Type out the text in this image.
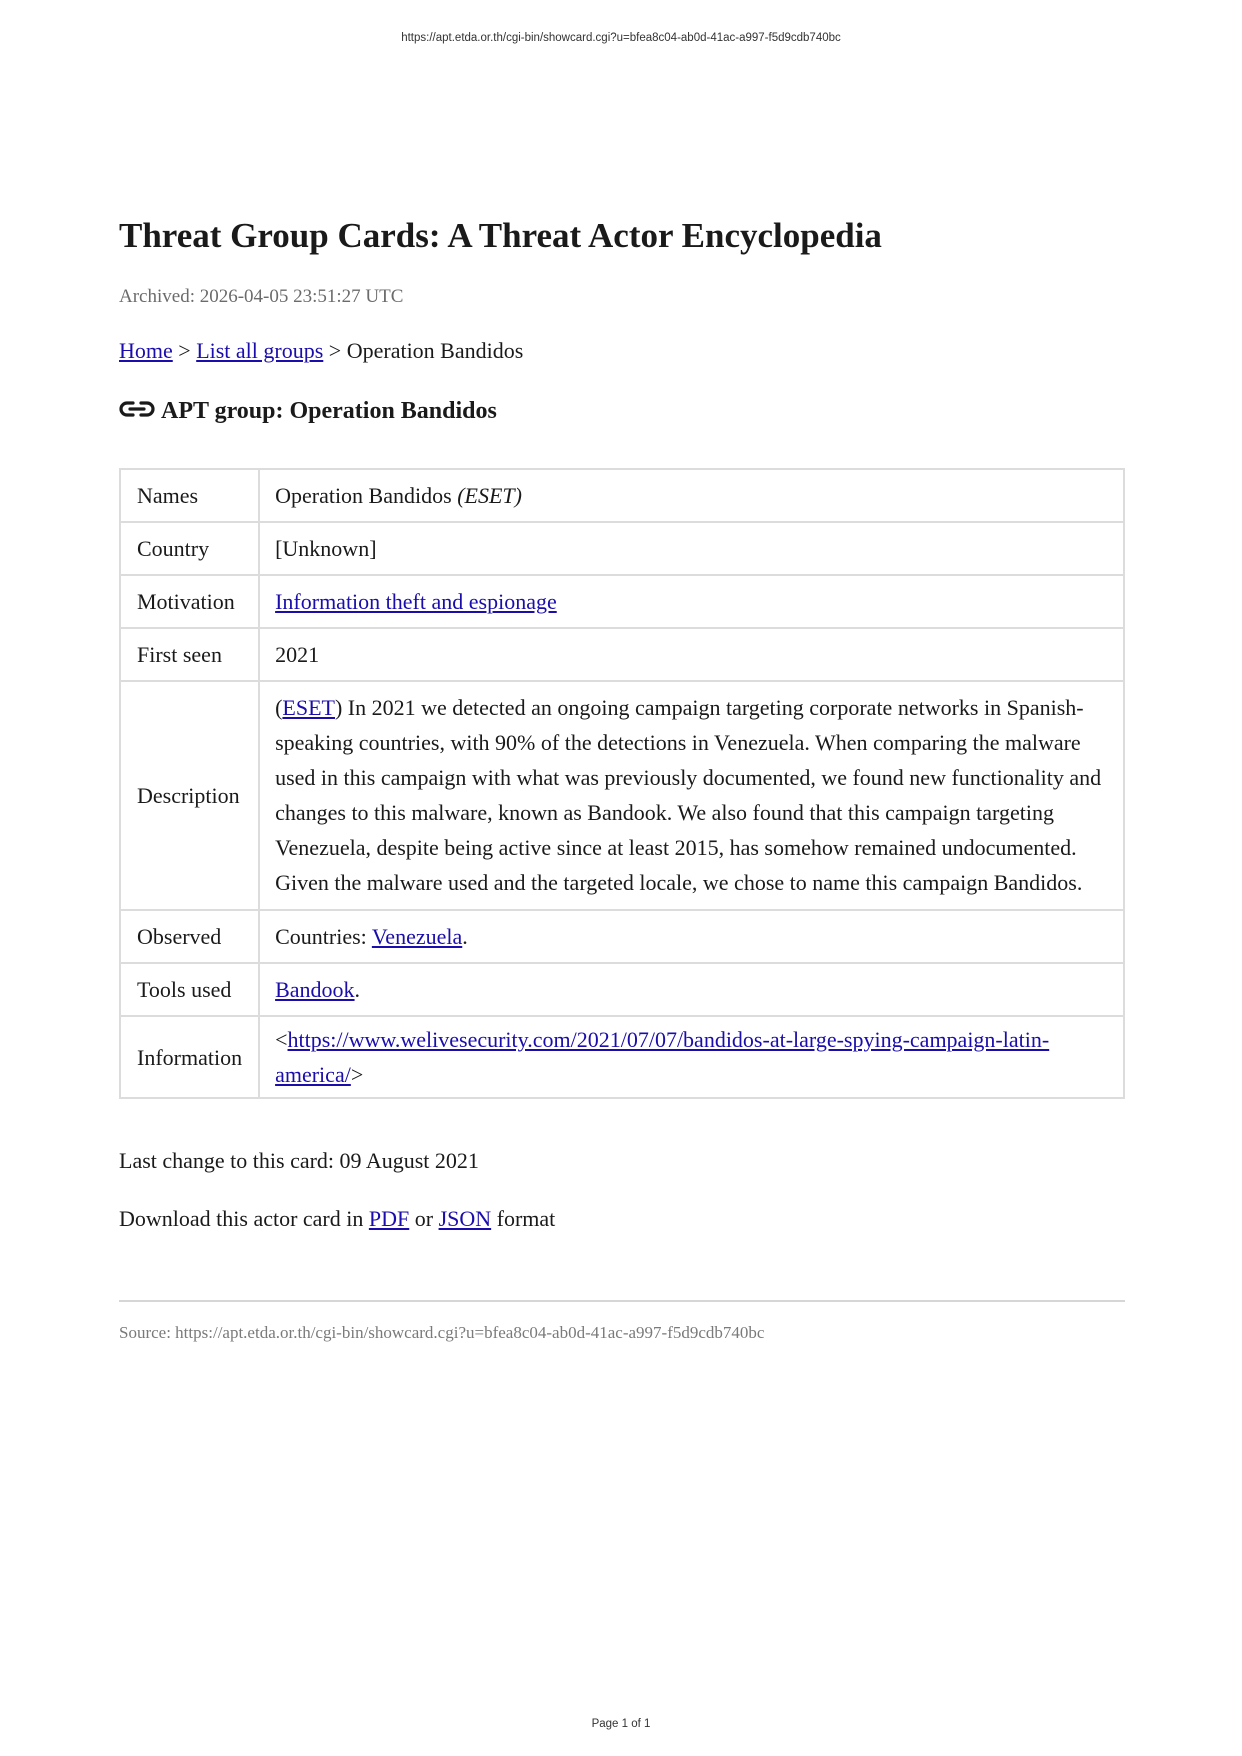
https://apt.etda.or.th/cgi-bin/showcard.cgi?u=bfea8c04-ab0d-41ac-a997-f5d9cdb740bc
Threat Group Cards: A Threat Actor Encyclopedia
Archived: 2026-04-05 23:51:27 UTC
Home > List all groups > Operation Bandidos
APT group: Operation Bandidos
Names	Operation Bandidos (ESET)
Country	[Unknown]
Motivation	Information theft and espionage
First seen	2021
Description	(ESET) In 2021 we detected an ongoing campaign targeting corporate networks in Spanish-speaking countries, with 90% of the detections in Venezuela. When comparing the malware used in this campaign with what was previously documented, we found new functionality and changes to this malware, known as Bandook. We also found that this campaign targeting Venezuela, despite being active since at least 2015, has somehow remained undocumented. Given the malware used and the targeted locale, we chose to name this campaign Bandidos.
Observed	Countries: Venezuela.
Tools used	Bandook.
Information	<https://www.welivesecurity.com/2021/07/07/bandidos-at-large-spying-campaign-latin-america/>
Last change to this card: 09 August 2021
Download this actor card in PDF or JSON format
Source: https://apt.etda.or.th/cgi-bin/showcard.cgi?u=bfea8c04-ab0d-41ac-a997-f5d9cdb740bc
Page 1 of 1
